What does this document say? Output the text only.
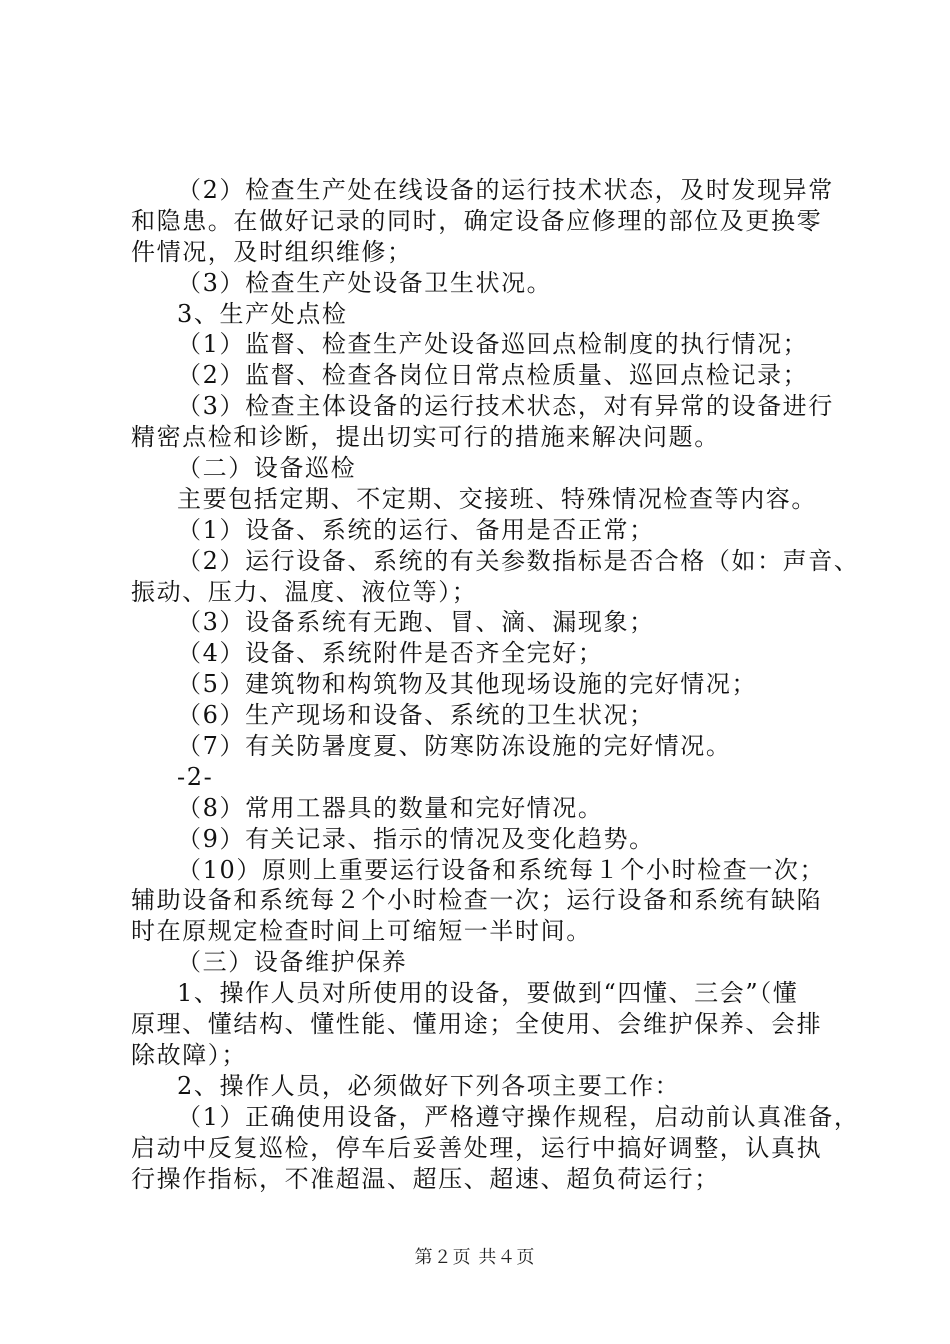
（2）检查生产处在线设备的运行技术状态，及时发现异常
和隐患。在做好记录的同时，确定设备应修理的部位及更换零
件情况，及时组织维修；
（3）检查生产处设备卫生状况。
3、生产处点检
（1）监督、检查生产处设备巡回点检制度的执行情况；
（2）监督、检查各岗位日常点检质量、巡回点检记录；
（3）检查主体设备的运行技术状态，对有异常的设备进行
精密点检和诊断，提出切实可行的措施来解决问题。
（二）设备巡检
主要包括定期、不定期、交接班、特殊情况检查等内容。
（1）设备、系统的运行、备用是否正常；
（2）运行设备、系统的有关参数指标是否合格（如：声音、
振动、压力、温度、液位等）；
（3）设备系统有无跑、冒、滴、漏现象；
（4）设备、系统附件是否齐全完好；
（5）建筑物和构筑物及其他现场设施的完好情况；
（6）生产现场和设备、系统的卫生状况；
（7）有关防暑度夏、防寒防冻设施的完好情况。
-2-
（8）常用工器具的数量和完好情况。
（9）有关记录、指示的情况及变化趋势。
（10）原则上重要运行设备和系统每１个小时检查一次；
辅助设备和系统每２个小时检查一次；运行设备和系统有缺陷
时在原规定检查时间上可缩短一半时间。
（三）设备维护保养
1、操作人员对所使用的设备，要做到“四懂、三会”（懂
原理、懂结构、懂性能、懂用途；全使用、会维护保养、会排
除故障）；
2、操作人员，必须做好下列各项主要工作：
（1）正确使用设备，严格遵守操作规程，启动前认真准备，
启动中反复巡检，停车后妥善处理，运行中搞好调整，认真执
行操作指标，不准超温、超压、超速、超负荷运行；
第２页 共４页
